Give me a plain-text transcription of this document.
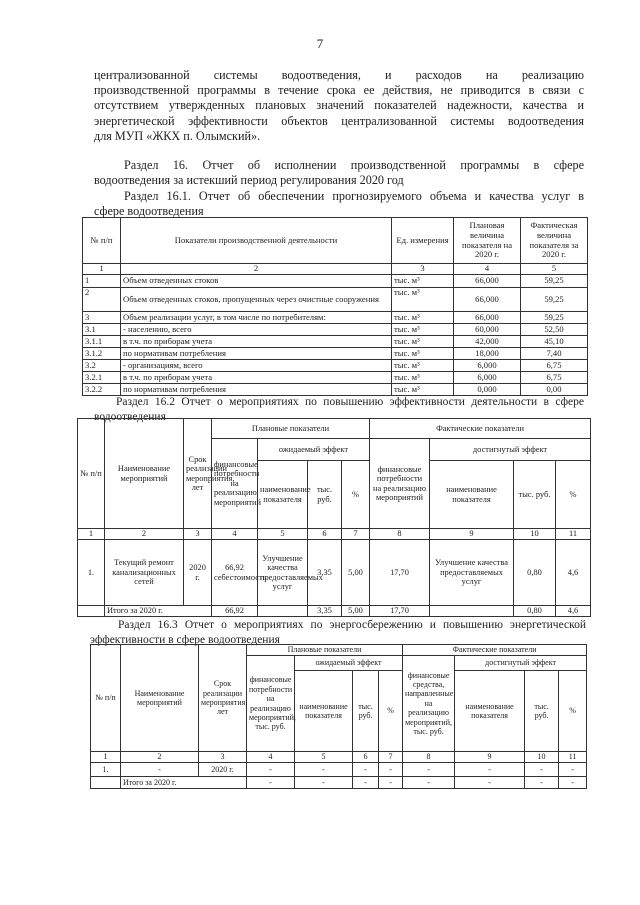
7
централизованной системы водоотведения, и расходов на реализацию
производственной программы в течение срока ее действия, не приводится в связи с
отсутствием утвержденных плановых значений показателей надежности, качества и
энергетической эффективности объектов централизованной системы водоотведения
для МУП «ЖКХ п. Олымский».
Раздел 16. Отчет об исполнении производственной программы в сфере
водоотведения за истекший период регулирования 2020 год
Раздел 16.1. Отчет об обеспечении прогнозируемого объема и качества услуг в
сфере водоотведения
№ п/п	Показатели производственной деятельности	Ед. измерения	Плановая величина показателя на 2020 г.	Фактическая величина показателя за 2020 г.
1	2	3	4	5
1	Объем отведенных стоков	тыс. м³	66,000	59,25
2	Объем отведенных стоков, пропущенных через очистные сооружения	тыс. м³	66,000	59,25
3	Объем реализации услуг, в том числе по потребителям:	тыс. м³	66,000	59,25
3.1	- населению, всего	тыс. м³	60,000	52,50
3.1.1	в т.ч. по приборам учета	тыс. м³	42,000	45,10
3.1.2	по нормативам потребления	тыс. м³	18,000	7,40
3.2	- организациям, всего	тыс. м³	6,000	6,75
3.2.1	в т.ч. по приборам учета	тыс. м³	6,000	6,75
3.2.2	по нормативам потребления	тыс. м³	0,000	0,00
Раздел 16.2 Отчет о мероприятиях по повышению эффективности деятельности в сфере
водоотведения
№ п/п	Наименование мероприятий	Срок реализации мероприятия, лет	Плановые показатели				Фактические показатели			
			финансовые потребности на реализацию мероприятий	ожидаемый эффект			финансовые потребности на реализацию мероприятий	достигнутый эффект		
				наименование показателя	тыс. руб.	%		наименование показателя	тыс. руб.	%
1	2	3	4	5	6	7	8	9	10	11
1.	Текущий ремонт канализационных сетей	2020 г.	66,92 себестоимость	Улучшение качества предоставляемых услуг	3,35	5,00	17,70	Улучшение качества предоставляемых услуг	0,80	4,6
	Итого за 2020 г.		66,92		3,35	5,00	17,70		0,80	4,6
Раздел 16.3 Отчет о мероприятиях по энергосбережению и повышению энергетической
эффективности в сфере водоотведения
№ п/п	Наименование мероприятий	Срок реализации мероприятия, лет	Плановые показатели				Фактические показатели			
			финансовые потребности на реализацию мероприятий, тыс. руб.	ожидаемый эффект			финансовые средства, направленные на реализацию мероприятий, тыс. руб.	достигнутый эффект		
				наименование показателя	тыс. руб.	%		наименование показателя	тыс. руб.	%
1	2	3	4	5	6	7	8	9	10	11
1.	-	2020 г.	-	-	-	-	-	-	-	-
	Итого за 2020 г.		-	-	-	-	-	-	-	-
